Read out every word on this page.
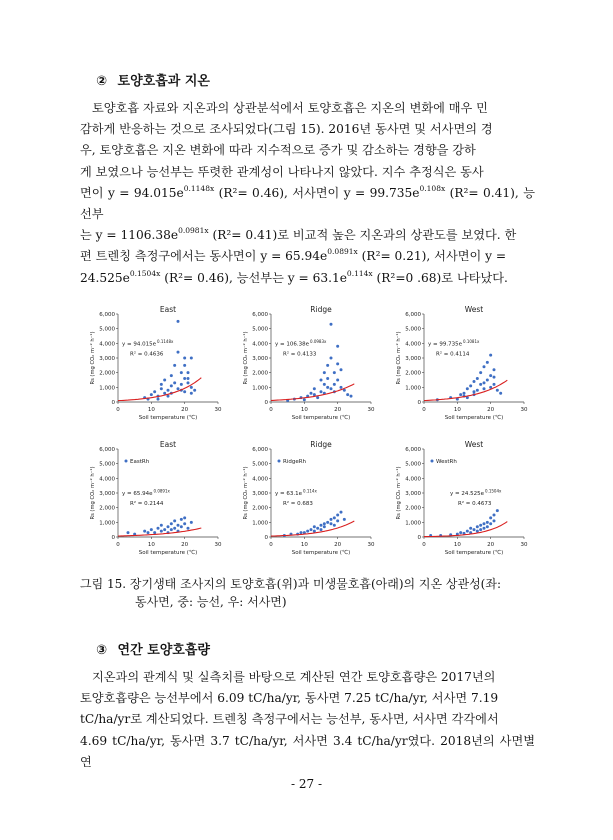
② 토양호흡과 지온
토양호흡 자료와 지온과의 상관분석에서 토양호흡은 지온의 변화에 매우 민
감하게 반응하는 것으로 조사되었다(그림 15). 2016년 동사면 및 서사면의 경
우, 토양호흡은 지온 변화에 따라 지수적으로 증가 및 감소하는 경향을 강하
게 보였으나 능선부는 뚜렷한 관계성이 나타나지 않았다. 지수 추정식은 동사
면이 $y = 94.015e^{0.1148x}$ (R²= 0.46), 서사면이 $y = 99.735e^{0.108x}$ (R²= 0.41), 능선부
는 $y = 1106.38e^{0.0981x}$ (R²= 0.41)로 비교적 높은 지온과의 상관도를 보였다. 한
편 트렌칭 측정구에서는 동사면이 $y = 65.94e^{0.0891x}$ (R²= 0.21), 서사면이 y =
$24.525e^{0.1504x}$ (R²= 0.46), 능선부는 $y = 63.1e^{0.114x}$ (R²=0 .68)로 나타났다.
East
0
1,000
2,000
3,000
4,000
5,000
6,000
0	10	20	30
Soil temperature (℃)
Rs (mg CO₂ m⁻² h⁻¹)	y = 94.015e 0.1148x
R² = 0.4636
Ridge
0
1,000
2,000
3,000
4,000
5,000
6,000
0	10	20	30
Soil temperature (℃)
Rs (mg CO₂ m⁻² h⁻¹)	y = 106.38e 0.0983x
R² = 0.4133
West
0
1,000
2,000
3,000
4,000
5,000
6,000
0	10	20	30
Soil temperature (℃)
Rs (mg CO₂ m⁻² h⁻¹)	y = 99.735e 0.1081x
R² = 0.4114
East
0
1,000
2,000
3,000
4,000
5,000
6,000
0	10	20	30
Soil temperature (℃)
Rs (mg CO₂ m⁻² h⁻¹)
EastRh
y = 65.94e 0.0891x
R² = 0.2144
Ridge
0
1,000
2,000
3,000
4,000
5,000
6,000
0	10	20	30
Soil temperature (℃)
Rs (mg CO₂ m⁻² h⁻¹)
RidgeRh
y = 63.1e 0.114x
R² = 0.683
West
0
1,000
2,000
3,000
4,000
5,000
6,000
0	10	20	30
Soil temperature (℃)
Rs (mg CO₂ m⁻² h⁻¹)
WestRh
y = 24.525e 0.1504x
R² = 0.4673
그림 15. 장기생태 조사지의 토양호흡(위)과 미생물호흡(아래)의 지온 상관성(좌:
동사면, 중: 능선, 우: 서사면)
③ 연간 토양호흡량
지온과의 관계식 및 실측치를 바탕으로 계산된 연간 토양호흡량은 2017년의
토양호흡량은 능선부에서 6.09 tC/ha/yr, 동사면 7.25 tC/ha/yr, 서사면 7.19
tC/ha/yr로 계산되었다. 트렌칭 측정구에서는 능선부, 동사면, 서사면 각각에서
4.69 tC/ha/yr, 동사면 3.7 tC/ha/yr, 서사면 3.4 tC/ha/yr였다. 2018년의 사면별 연
- 27 -
